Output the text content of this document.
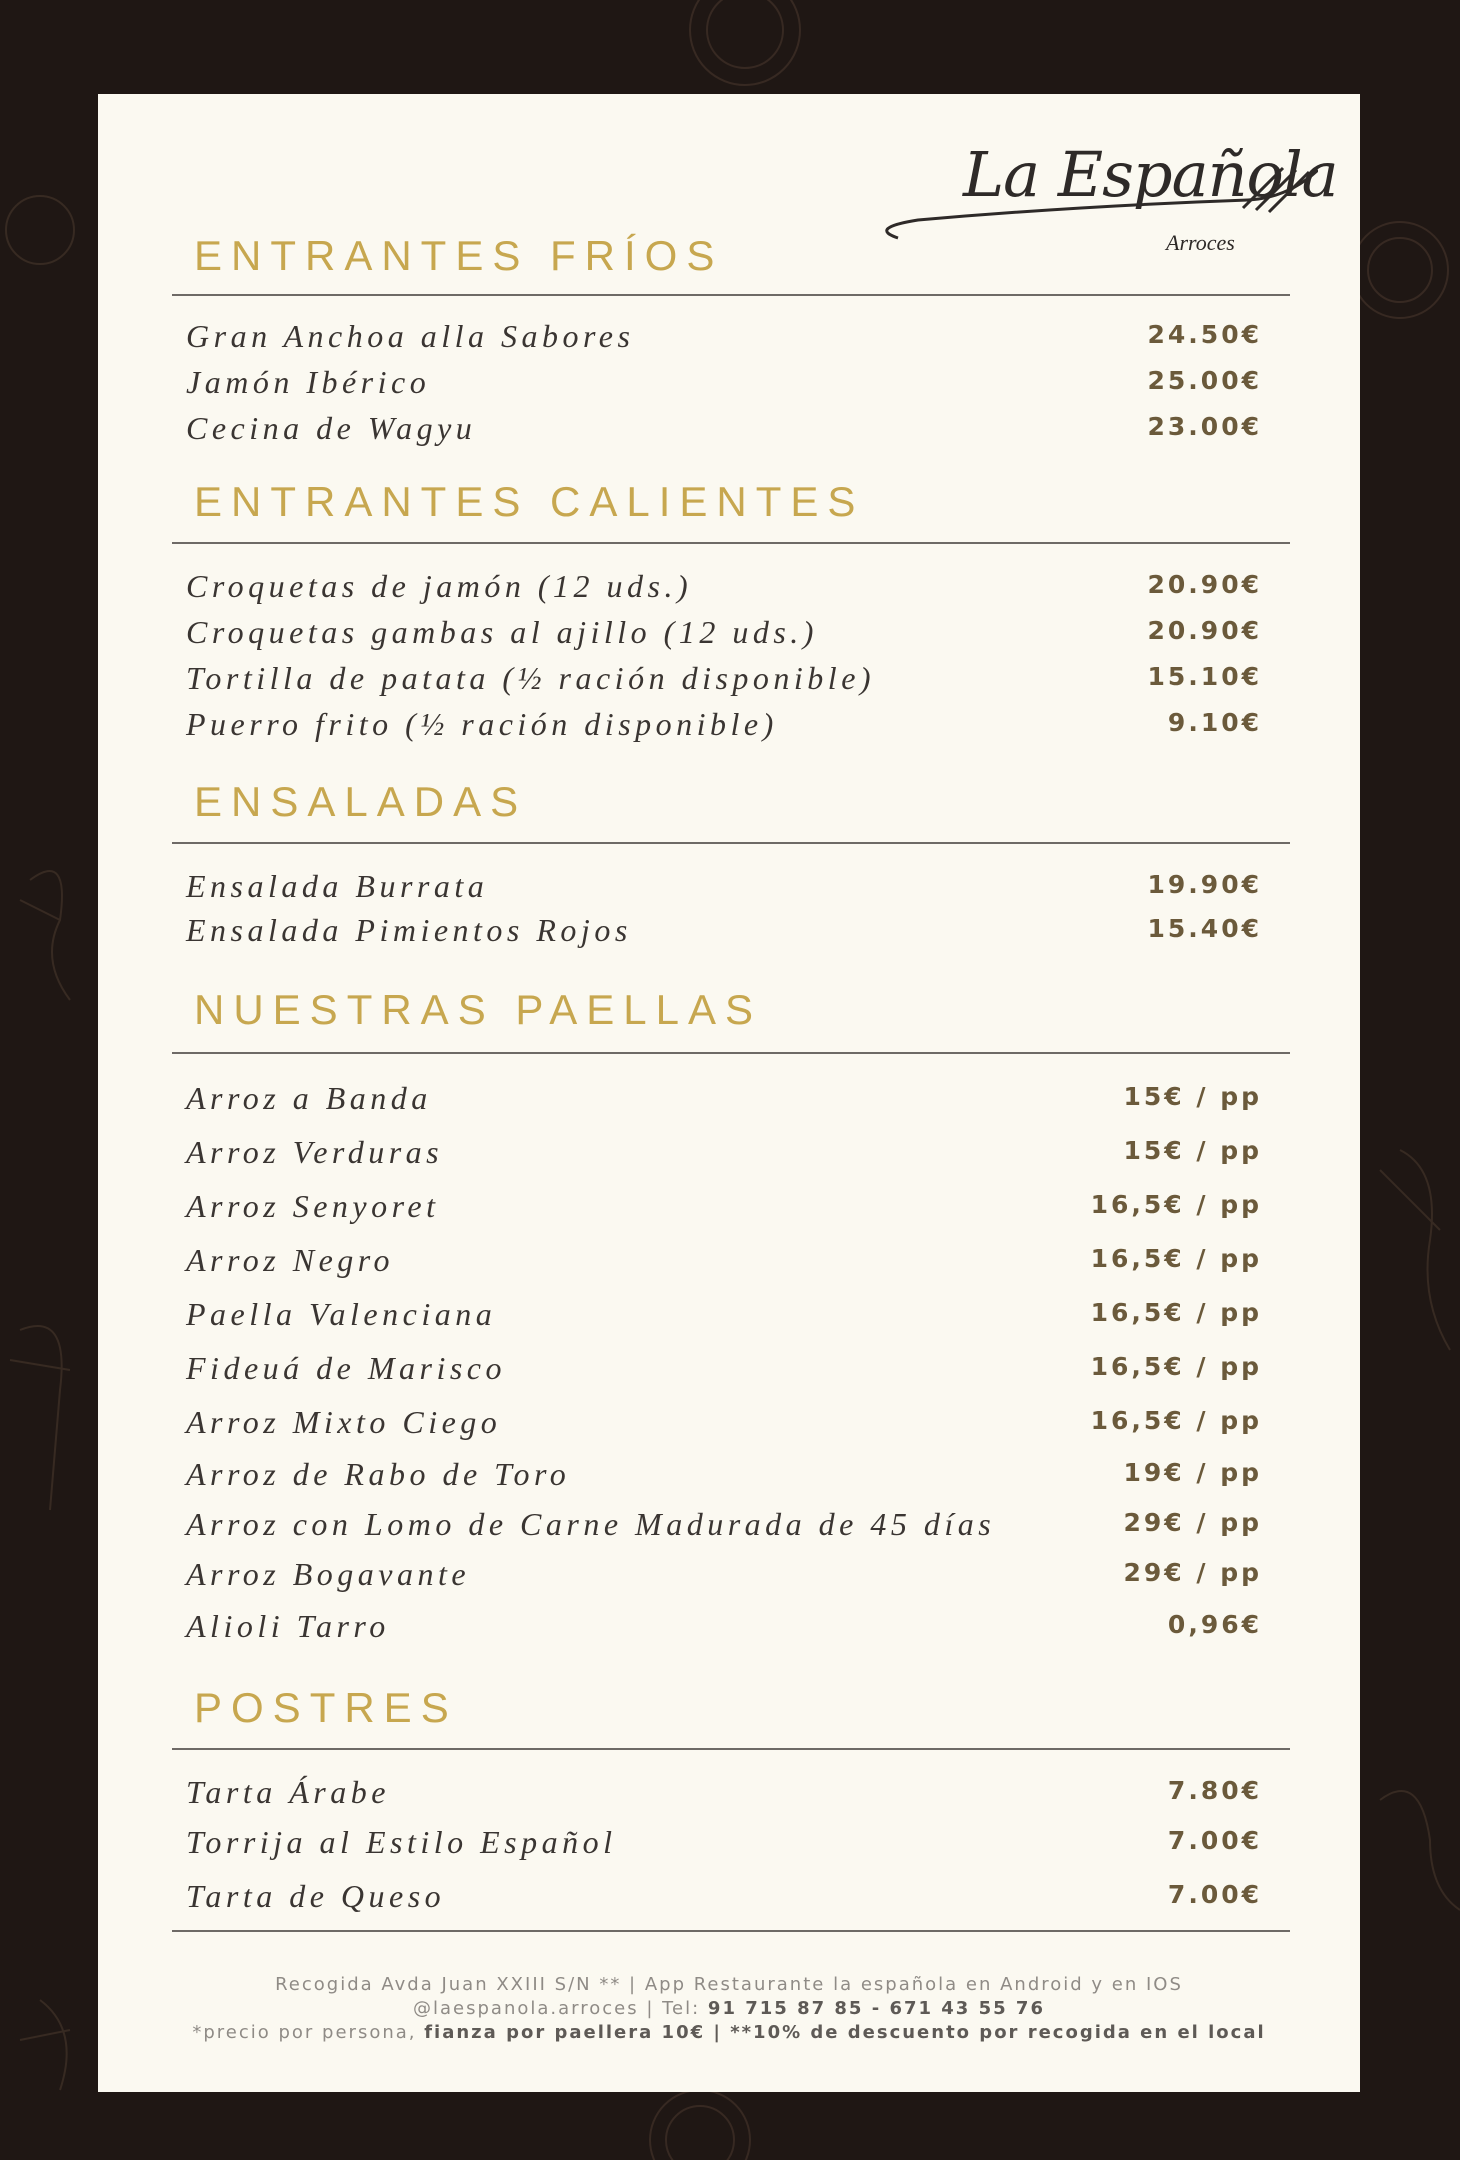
La Española
Arroces
ENTRANTES FRÍOS
Gran Anchoa alla Sabores	24.50€
Jamón Ibérico	25.00€
Cecina de Wagyu	23.00€
ENTRANTES CALIENTES
Croquetas de jamón (12 uds.)	20.90€
Croquetas gambas al ajillo (12 uds.)	20.90€
Tortilla de patata (½ ración disponible)	15.10€
Puerro frito (½ ración disponible)	9.10€
ENSALADAS
Ensalada Burrata	19.90€
Ensalada Pimientos Rojos	15.40€
NUESTRAS PAELLAS
Arroz a Banda	15€ / pp
Arroz Verduras	15€ / pp
Arroz Senyoret	16,5€ / pp
Arroz Negro	16,5€ / pp
Paella Valenciana	16,5€ / pp
Fideuá de Marisco	16,5€ / pp
Arroz Mixto Ciego	16,5€ / pp
Arroz de Rabo de Toro	19€ / pp
Arroz con Lomo de Carne Madurada de 45 días	29€ / pp
Arroz Bogavante	29€ / pp
Alioli Tarro	0,96€
POSTRES
Tarta Árabe	7.80€
Torrija al Estilo Español	7.00€
Tarta de Queso	7.00€
Recogida Avda Juan XXIII S/N ** | App Restaurante la española en Android y en IOS
@laespanola.arroces | Tel: 91 715 87 85 - 671 43 55 76
*precio por persona, fianza por paellera 10€ | **10% de descuento por recogida en el local
